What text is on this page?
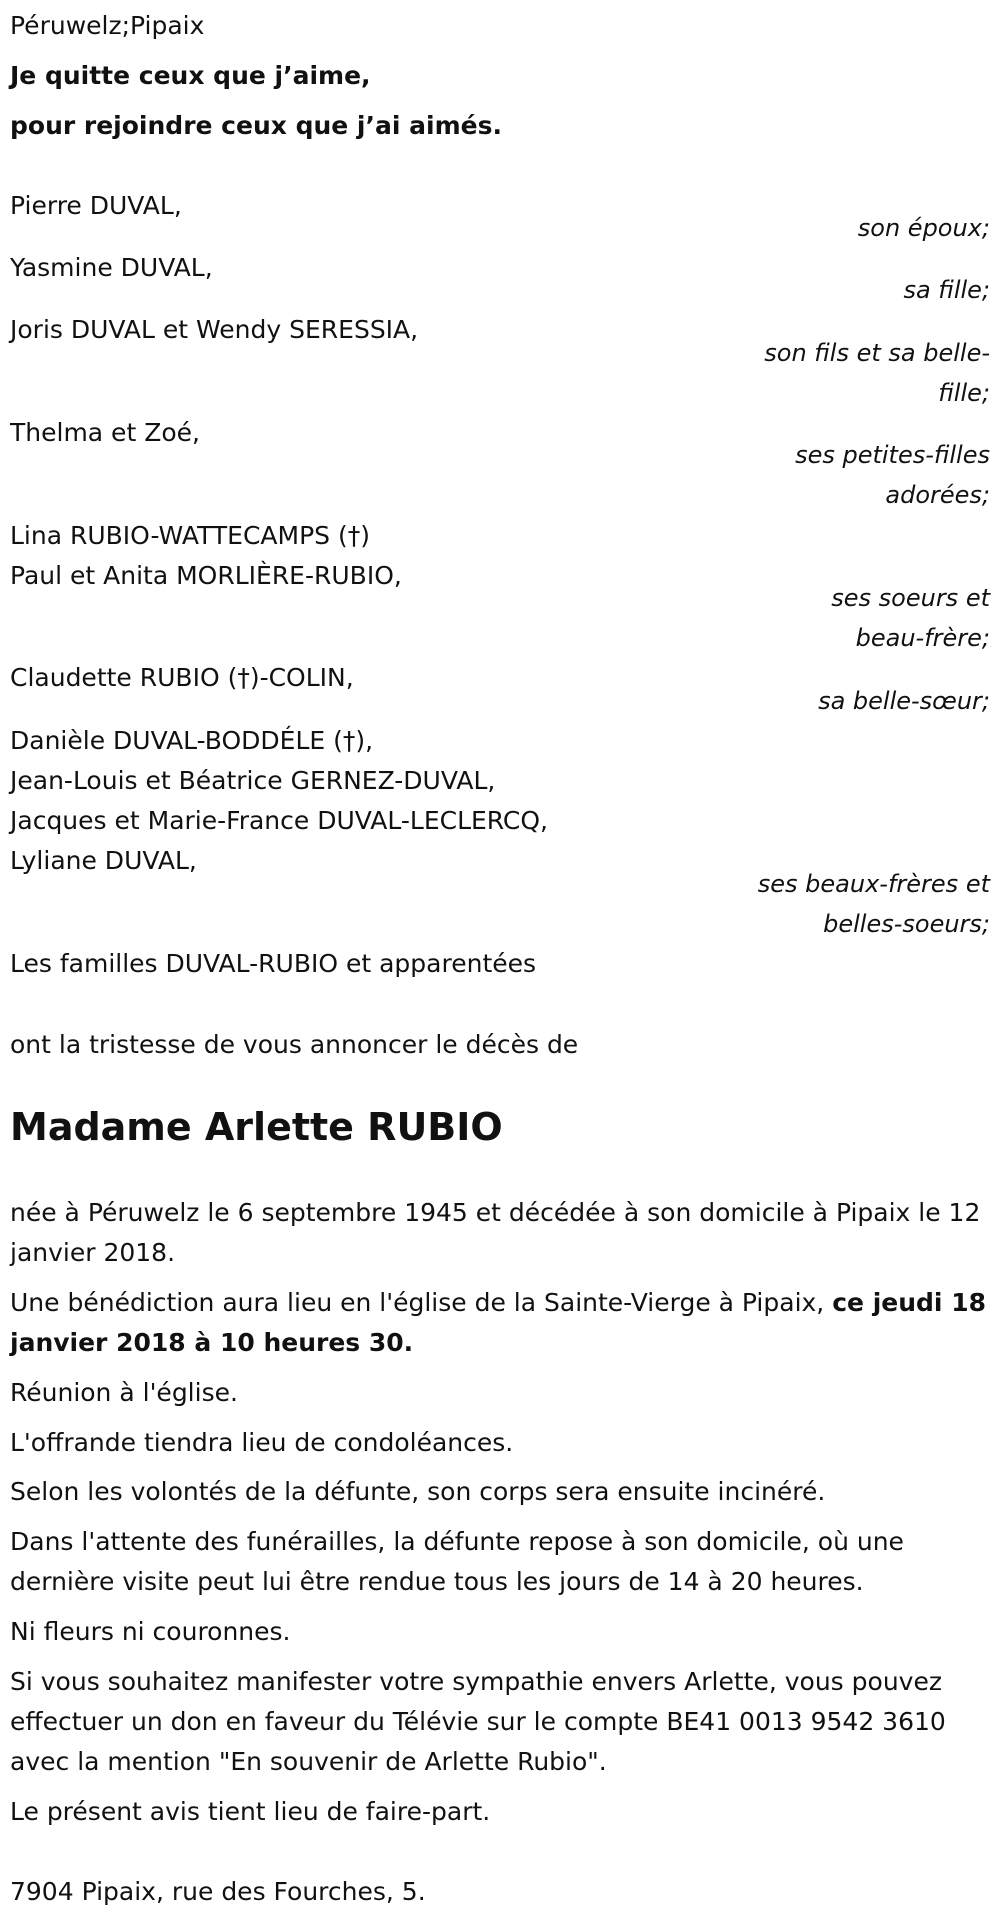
Péruwelz;Pipaix
Je quitte ceux que j’aime,
pour rejoindre ceux que j’ai aimés.
Pierre DUVAL,
son époux;
Yasmine DUVAL,
sa fille;
Joris DUVAL et Wendy SERESSIA,
son fils et sa belle-
fille;
Thelma et Zoé,
ses petites-filles
adorées;
Lina RUBIO-WATTECAMPS (†)
Paul et Anita MORLIÈRE-RUBIO,
ses soeurs et
beau-frère;
Claudette RUBIO (†)-COLIN,
sa belle-sœur;
Danièle DUVAL-BODDÉLE (†),
Jean-Louis et Béatrice GERNEZ-DUVAL,
Jacques et Marie-France DUVAL-LECLERCQ,
Lyliane DUVAL,
ses beaux-frères et
belles-soeurs;
Les familles DUVAL-RUBIO et apparentées
ont la tristesse de vous annoncer le décès de
Madame Arlette RUBIO
née à Péruwelz le 6 septembre 1945 et décédée à son domicile à Pipaix le 12 janvier 2018.
Une bénédiction aura lieu en l'église de la Sainte-Vierge à Pipaix, ce jeudi 18 janvier 2018 à 10 heures 30.
Réunion à l'église.
L'offrande tiendra lieu de condoléances.
Selon les volontés de la défunte, son corps sera ensuite incinéré.
Dans l'attente des funérailles, la défunte repose à son domicile, où une dernière visite peut lui être rendue tous les jours de 14 à 20 heures.
Ni fleurs ni couronnes.
Si vous souhaitez manifester votre sympathie envers Arlette, vous pouvez effectuer un don en faveur du Télévie sur le compte BE41 0013 9542 3610 avec la mention "En souvenir de Arlette Rubio".
Le présent avis tient lieu de faire-part.
7904 Pipaix, rue des Fourches, 5.
